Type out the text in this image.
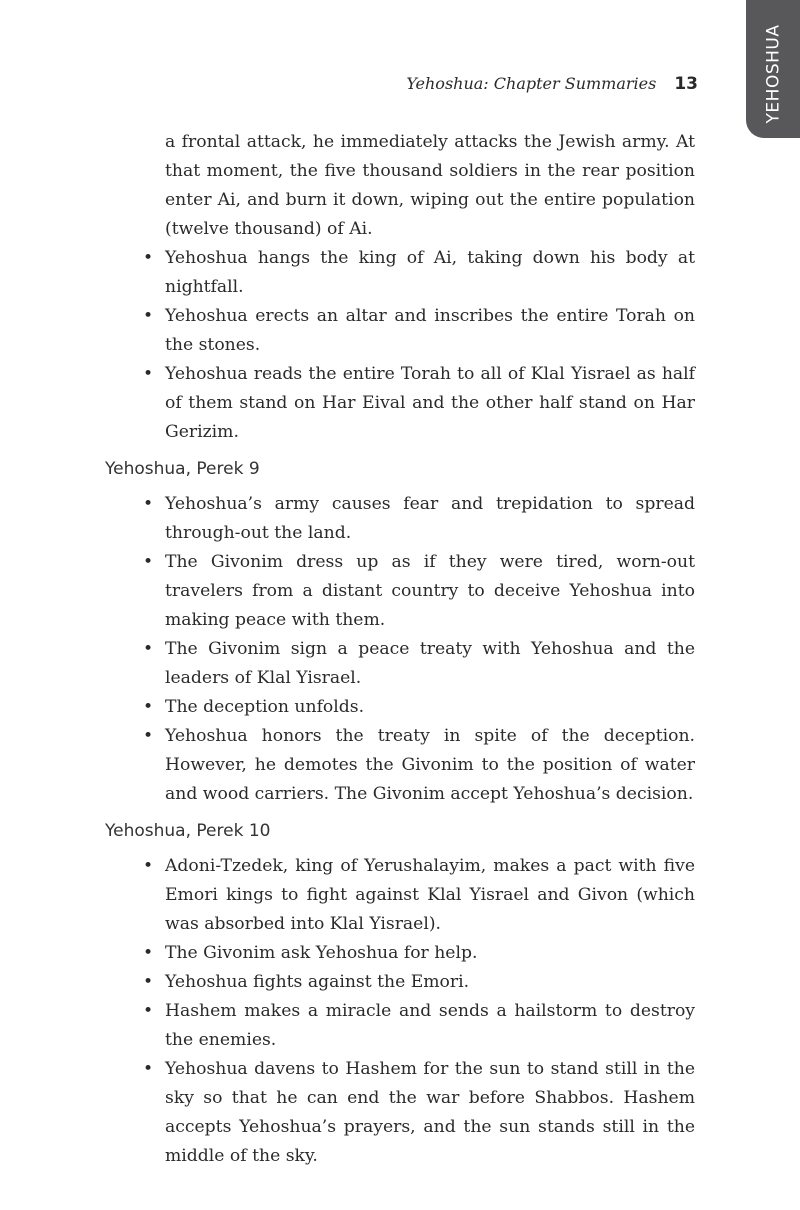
YEHOSHUA
Yehoshua: Chapter Summaries 13

a frontal attack, he immediately attacks the Jewish army. At that moment, the five thousand soldiers in the rear position enter Ai, and burn it down, wiping out the entire population (twelve thousand) of Ai.

• Yehoshua hangs the king of Ai, taking down his body at nightfall.
• Yehoshua erects an altar and inscribes the entire Torah on the stones.
• Yehoshua reads the entire Torah to all of Klal Yisrael as half of them stand on Har Eival and the other half stand on Har Gerizim.
Yehoshua, Perek 9
• Yehoshua’s army causes fear and trepidation to spread through-out the land.
• The Givonim dress up as if they were tired, worn-out travelers from a distant country to deceive Yehoshua into making peace with them.
• The Givonim sign a peace treaty with Yehoshua and the leaders of Klal Yisrael.
• The deception unfolds.
• Yehoshua honors the treaty in spite of the deception. However, he demotes the Givonim to the position of water and wood carriers. The Givonim accept Yehoshua’s decision.
Yehoshua, Perek 10
• Adoni-Tzedek, king of Yerushalayim, makes a pact with five Emori kings to fight against Klal Yisrael and Givon (which was absorbed into Klal Yisrael).
• The Givonim ask Yehoshua for help.
• Yehoshua fights against the Emori.
• Hashem makes a miracle and sends a hailstorm to destroy the enemies.
• Yehoshua davens to Hashem for the sun to stand still in the sky so that he can end the war before Shabbos. Hashem accepts Yehoshua’s prayers, and the sun stands still in the middle of the sky.
